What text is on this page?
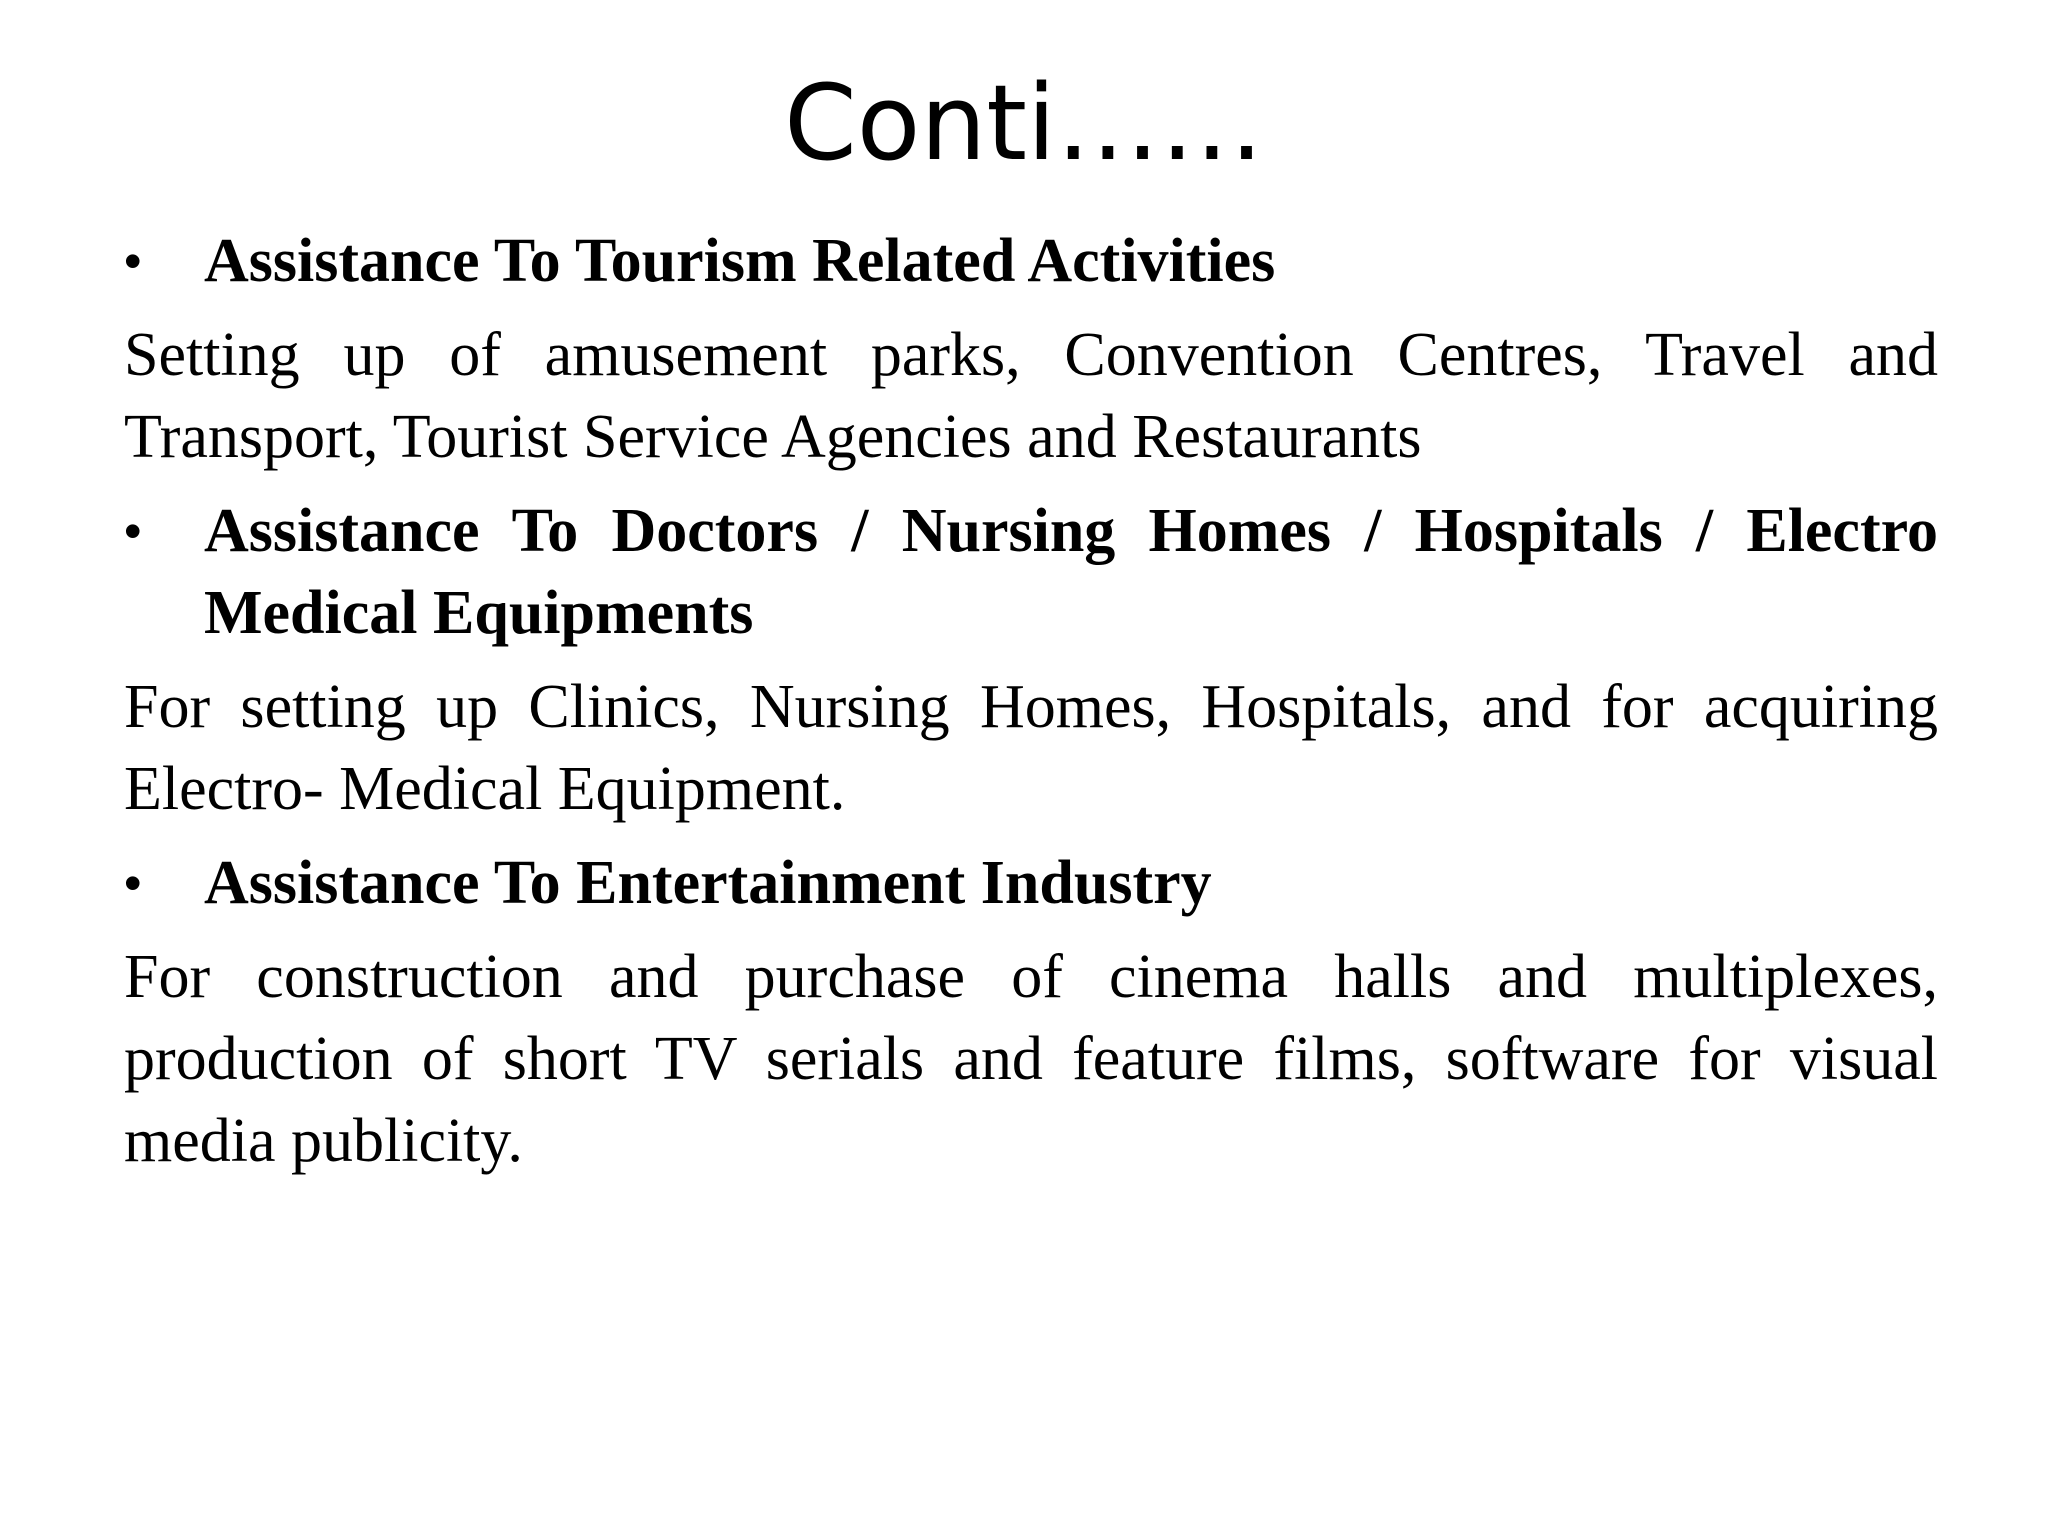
Conti……
•	Assistance To Tourism Related Activities

Setting up of amusement parks, Convention Centres, Travel and Transport, Tourist Service Agencies and Restaurants

•	Assistance To Doctors / Nursing Homes / Hospitals / Electro Medical Equipments

For setting up Clinics, Nursing Homes, Hospitals, and for acquiring Electro- Medical Equipment.

•	Assistance To Entertainment Industry

For construction and purchase of cinema halls and multiplexes, production of short TV serials and feature films, software for visual media publicity.
